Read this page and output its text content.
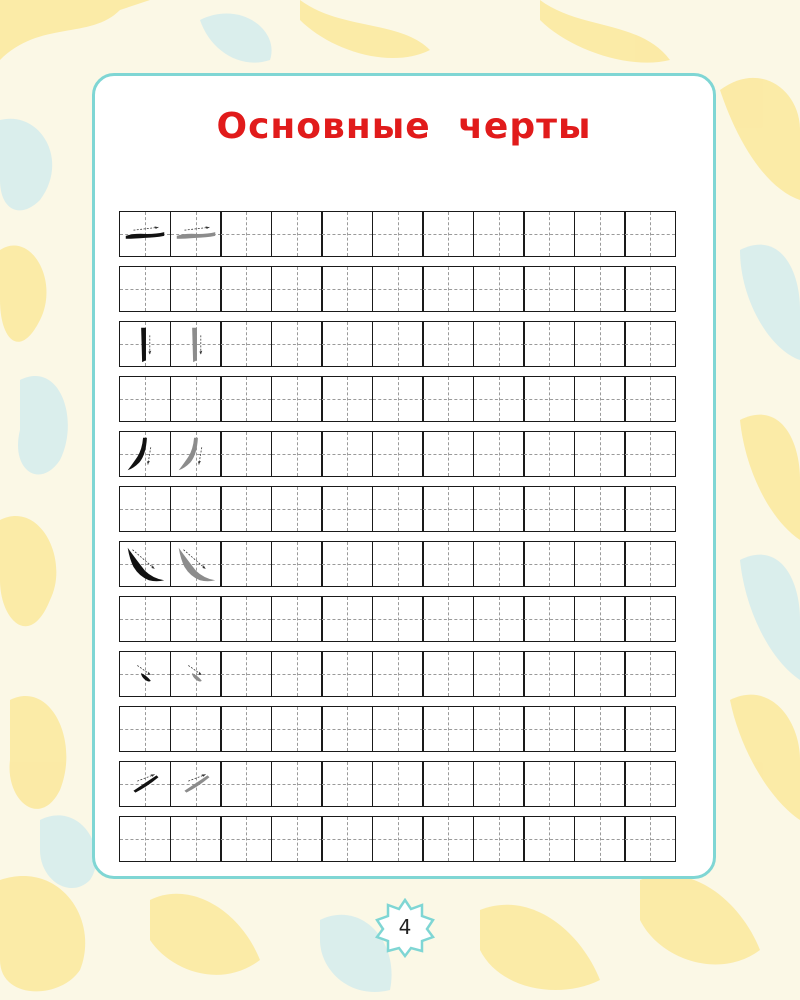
Основные черты
4
